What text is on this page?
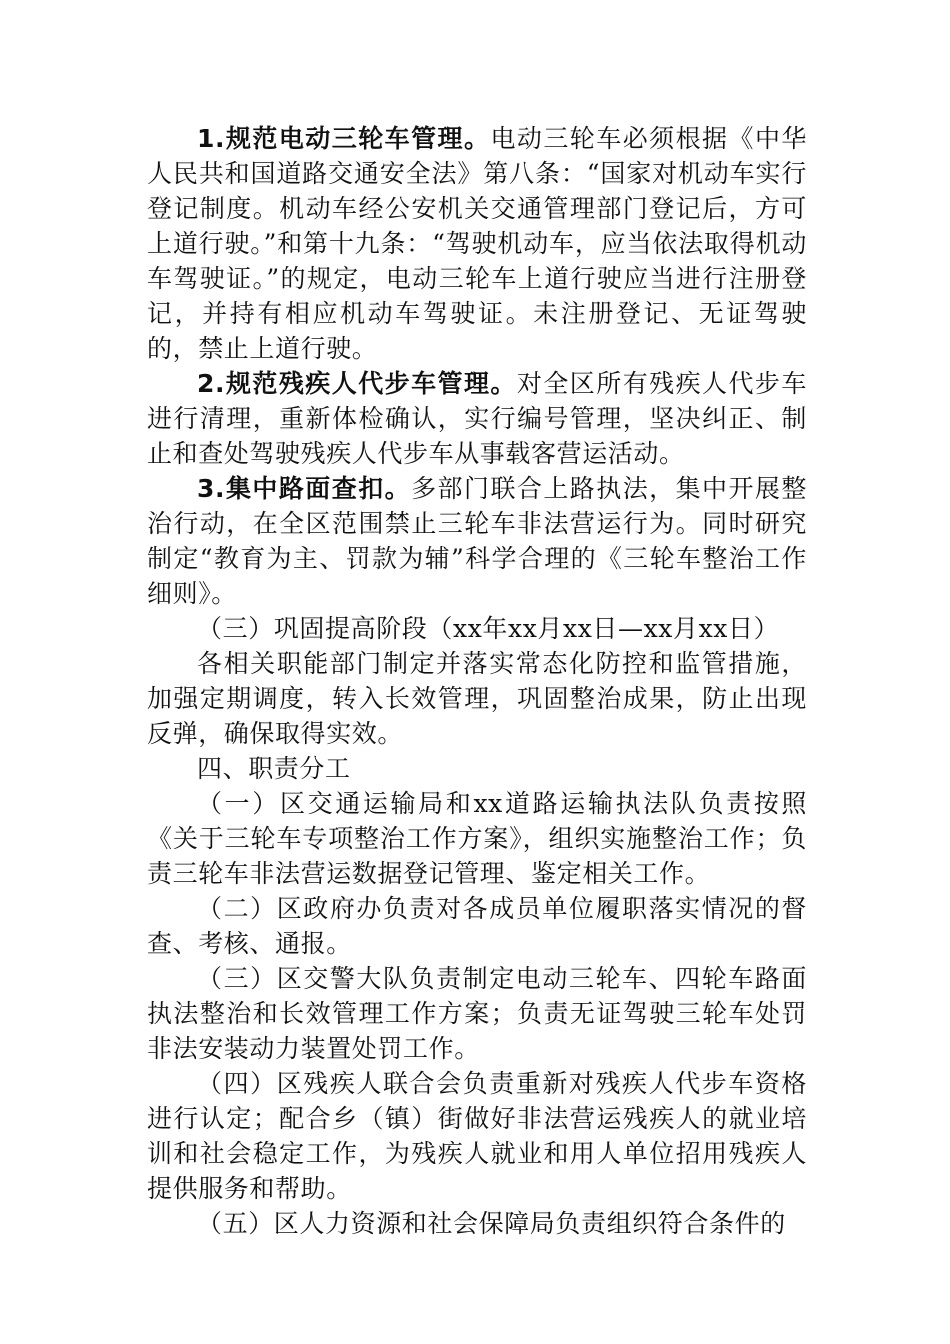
1.规范电动三轮车管理。电动三轮车必须根据《中华人民共和国道路交通安全法》第八条：“国家对机动车实行登记制度。机动车经公安机关交通管理部门登记后，方可上道行驶。”和第十九条：“驾驶机动车，应当依法取得机动车驾驶证。”的规定，电动三轮车上道行驶应当进行注册登记，并持有相应机动车驾驶证。未注册登记、无证驾驶的，禁止上道行驶。

2.规范残疾人代步车管理。对全区所有残疾人代步车进行清理，重新体检确认，实行编号管理，坚决纠正、制止和查处驾驶残疾人代步车从事载客营运活动。

3.集中路面查扣。多部门联合上路执法，集中开展整治行动，在全区范围禁止三轮车非法营运行为。同时研究制定“教育为主、罚款为辅”科学合理的《三轮车整治工作细则》。

（三）巩固提高阶段（xx年xx月xx日—xx月xx日）

各相关职能部门制定并落实常态化防控和监管措施，加强定期调度，转入长效管理，巩固整治成果，防止出现反弹，确保取得实效。

四、职责分工

（一）区交通运输局和xx道路运输执法队负责按照《关于三轮车专项整治工作方案》，组织实施整治工作；负责三轮车非法营运数据登记管理、鉴定相关工作。

（二）区政府办负责对各成员单位履职落实情况的督查、考核、通报。

（三）区交警大队负责制定电动三轮车、四轮车路面执法整治和长效管理工作方案；负责无证驾驶三轮车处罚非法安装动力装置处罚工作。

（四）区残疾人联合会负责重新对残疾人代步车资格进行认定；配合乡（镇）街做好非法营运残疾人的就业培训和社会稳定工作，为残疾人就业和用人单位招用残疾人提供服务和帮助。

（五）区人力资源和社会保障局负责组织符合条件的
